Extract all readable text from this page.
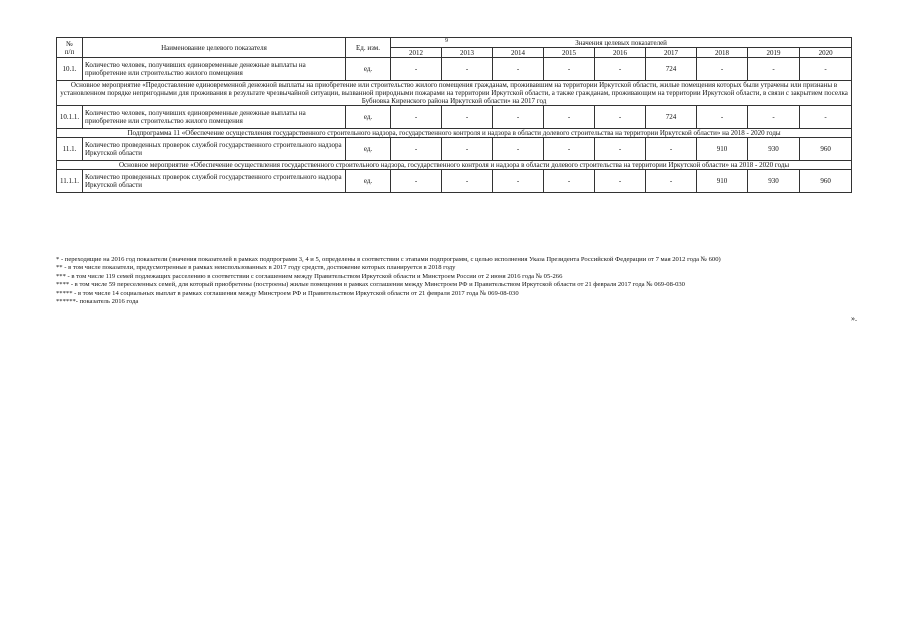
9
№
п/п	Наименование целевого показателя	Ед. изм.	Значения целевых показателей								
			2012	2013	2014	2015	2016	2017	2018	2019	2020
10.1.	Количество человек, получивших единовременные денежные выплаты на приобретение или строительство жилого помещения	ед.	-	-	-	-	-	724	-	-	-
Основное мероприятие «Предоставление единовременной денежной выплаты на приобретение или строительство жилого помещения гражданам, проживавшим на территории Иркутской области, жилые помещения которых были утрачены или признаны в установленном порядке непригодными для проживания в результате чрезвычайной ситуации, вызванной природными пожарами на территории Иркутской области, а также гражданам, проживающим на территории Иркутской области, в связи с закрытием поселка Бубновка Киренского района Иркутской области» на 2017 год											
10.1.1.	Количество человек, получивших единовременные денежные выплаты на приобретение или строительство жилого помещения	ед.	-	-	-	-	-	724	-	-	-
Подпрограмма 11 «Обеспечение осуществления государственного строительного надзора, государственного контроля и надзора в области долевого строительства на территории Иркутской области» на 2018 - 2020 годы											
11.1.	Количество проведенных проверок службой государственного строительного надзора Иркутской области	ед.	-	-	-	-	-	-	910	930	960
Основное мероприятие «Обеспечение осуществления государственного строительного надзора, государственного контроля и надзора в области долевого строительства на территории Иркутской области» на 2018 - 2020 годы											
11.1.1.	Количество проведенных проверок службой государственного строительного надзора Иркутской области	ед.	-	-	-	-	-	-	910	930	960
* - переходящие на 2016 год показатели (значения показателей в рамках подпрограмм 3, 4 и 5, определены в соответствии с этапами подпрограмм, с целью исполнения Указа Президента Российской Федерации от 7 мая 2012 года № 600)
** - в том числе показатели, предусмотренные в рамках неиспользованных в 2017 году средств, достижение которых планируется в 2018 году
*** - в том числе 119 семей подлежащих расселению в соответствии с соглашением между Правительством Иркутской области и Минстроем России от 2 июня 2016 года № 05-266
**** - в том числе 59 переселенных семей, для который приобретены (построены) жилые помещения в рамках соглашения между Минстроем РФ и Правительством Иркутской области от 21 февраля 2017 года № 069-08-030
***** - в том числе 14 социальных выплат в рамках соглашения между Минстроем РФ и Правительством Иркутской области от 21 февраля 2017 года № 069-08-030
******- показатель 2016 года
».
